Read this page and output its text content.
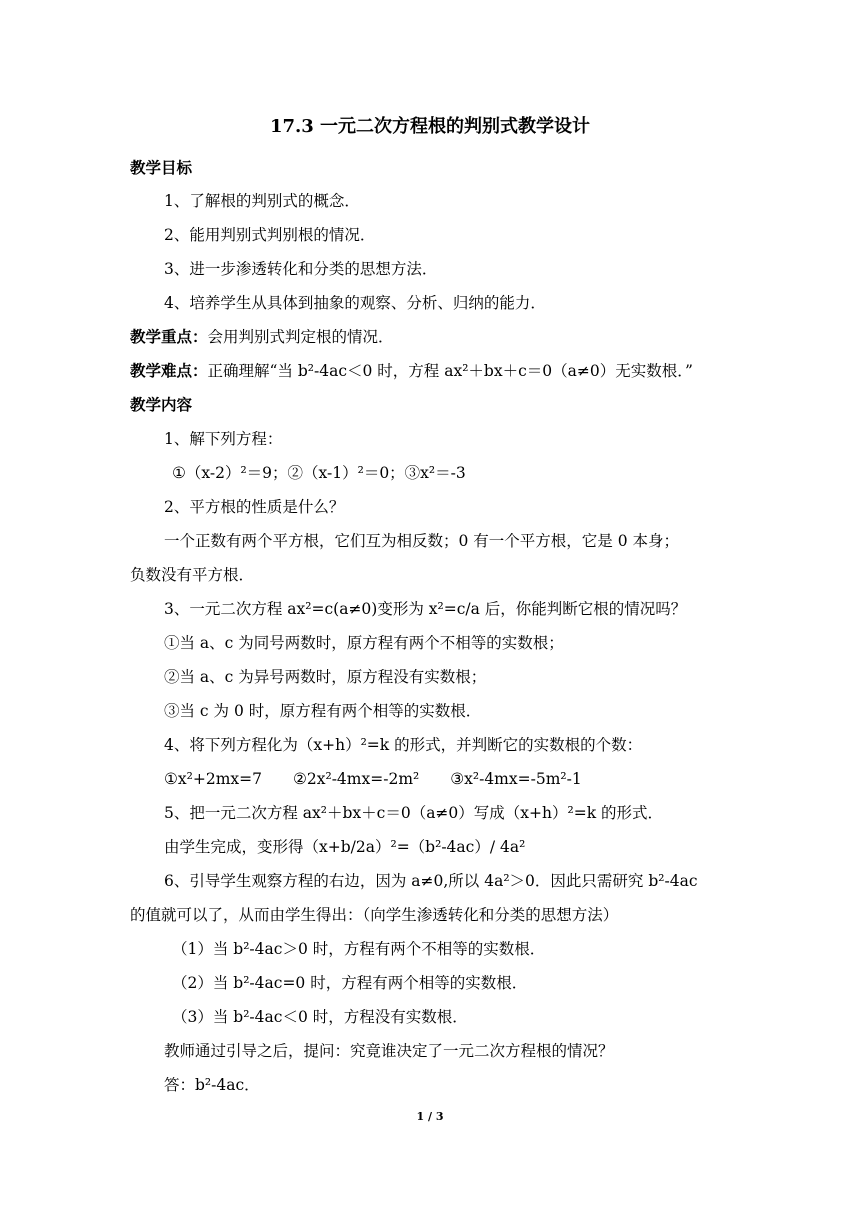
17.3 一元二次方程根的判别式教学设计
教学目标
1、了解根的判别式的概念．
2、能用判别式判别根的情况．
3、进一步渗透转化和分类的思想方法．
4、培养学生从具体到抽象的观察、分析、归纳的能力．
教学重点：会用判别式判定根的情况．
教学难点：正确理解“当 b²-4ac＜0 时，方程 ax²＋bx＋c＝0（a≠0）无实数根．”
教学内容
1、解下列方程：
①（x-2）²＝9；②（x-1）²＝0；③x²＝-3
2、平方根的性质是什么？
一个正数有两个平方根，它们互为相反数；0 有一个平方根，它是 0 本身；
负数没有平方根．
3、一元二次方程 ax²=c(a≠0)变形为 x²=c/a 后，你能判断它根的情况吗？
①当 a、c 为同号两数时，原方程有两个不相等的实数根；
②当 a、c 为异号两数时，原方程没有实数根；
③当 c 为 0 时，原方程有两个相等的实数根．
4、将下列方程化为（x+h）²=k 的形式，并判断它的实数根的个数：
①x²+2mx=7　　②2x²-4mx=-2m²　　③x²-4mx=-5m²-1
5、把一元二次方程 ax²＋bx＋c＝0（a≠0）写成（x+h）²=k 的形式．
由学生完成，变形得（x+b/2a）²=（b²-4ac）/ 4a²
6、引导学生观察方程的右边，因为 a≠0,所以 4a²＞0．因此只需研究 b²-4ac
的值就可以了，从而由学生得出：（向学生渗透转化和分类的思想方法）
（1）当 b²-4ac＞0 时，方程有两个不相等的实数根．
（2）当 b²-4ac=0 时，方程有两个相等的实数根．
（3）当 b²-4ac＜0 时，方程没有实数根．
教师通过引导之后，提问：究竟谁决定了一元二次方程根的情况？
答：b²-4ac．
1 / 3
